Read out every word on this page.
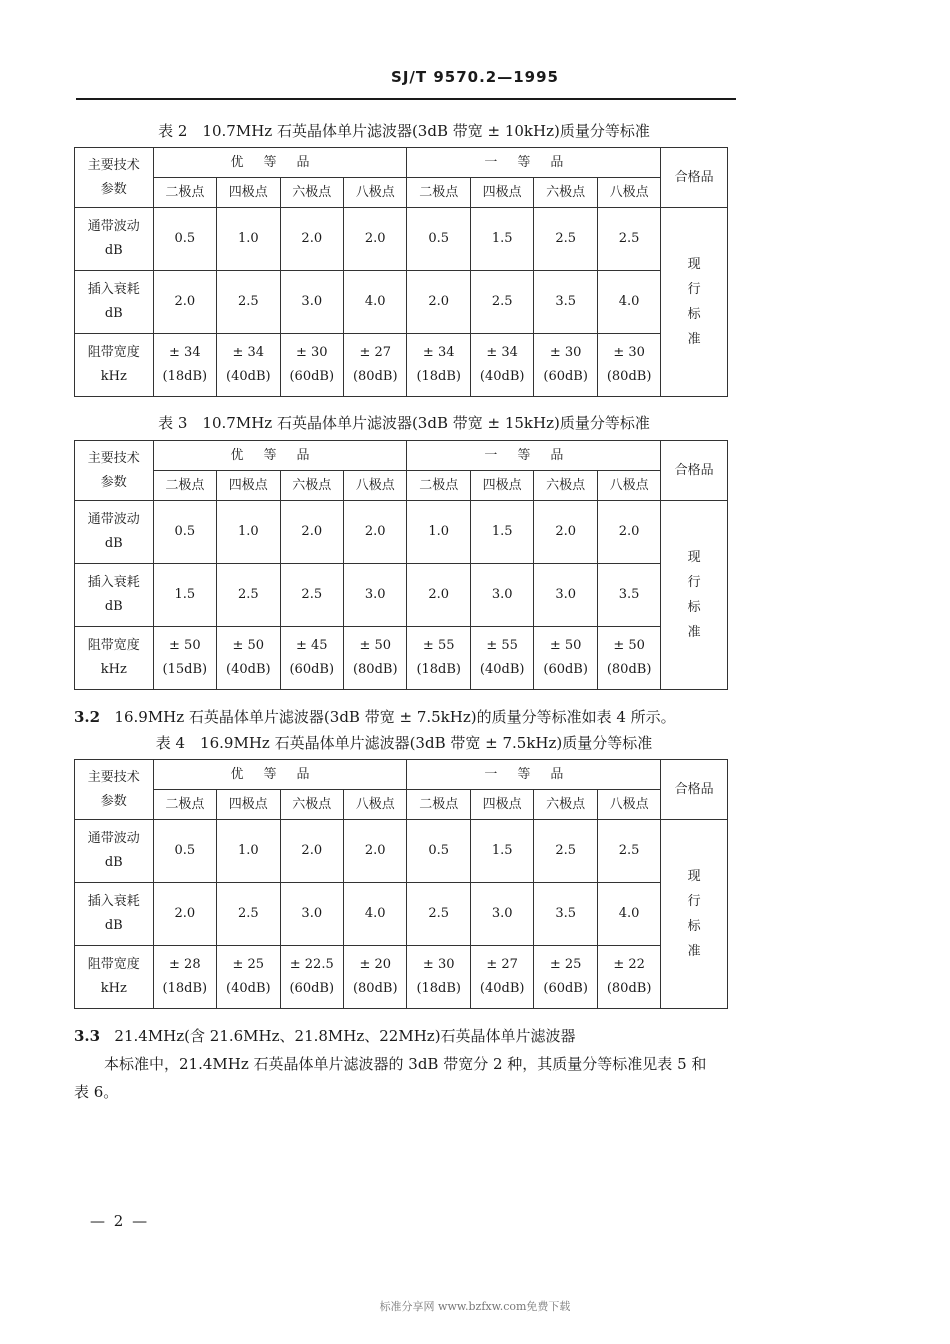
SJ/T 9570.2—1995
表 2　10.7MHz 石英晶体单片滤波器(3dB 带宽 ± 10kHz)质量分等标准
主要技术参数	优等品				一等品				合格品
	二极点	四极点	六极点	八极点	二极点	四极点	六极点	八极点	
通带波动 dB	0.5	1.0	2.0	2.0	0.5	1.5	2.5	2.5	现行标准
插入衰耗 dB	2.0	2.5	3.0	4.0	2.0	2.5	3.5	4.0	
阻带宽度 kHz	± 34 (18dB)	± 34 (40dB)	± 30 (60dB)	± 27 (80dB)	± 34 (18dB)	± 34 (40dB)	± 30 (60dB)	± 30 (80dB)	
表 3　10.7MHz 石英晶体单片滤波器(3dB 带宽 ± 15kHz)质量分等标准
主要技术参数	优等品				一等品				合格品
	二极点	四极点	六极点	八极点	二极点	四极点	六极点	八极点	
通带波动 dB	0.5	1.0	2.0	2.0	1.0	1.5	2.0	2.0	现行标准
插入衰耗 dB	1.5	2.5	2.5	3.0	2.0	3.0	3.0	3.5	
阻带宽度 kHz	± 50 (15dB)	± 50 (40dB)	± 45 (60dB)	± 50 (80dB)	± 55 (18dB)	± 55 (40dB)	± 50 (60dB)	± 50 (80dB)	
3.2 16.9MHz 石英晶体单片滤波器(3dB 带宽 ± 7.5kHz)的质量分等标准如表 4 所示。
表 4　16.9MHz 石英晶体单片滤波器(3dB 带宽 ± 7.5kHz)质量分等标准
主要技术参数	优等品				一等品				合格品
	二极点	四极点	六极点	八极点	二极点	四极点	六极点	八极点	
通带波动 dB	0.5	1.0	2.0	2.0	0.5	1.5	2.5	2.5	现行标准
插入衰耗 dB	2.0	2.5	3.0	4.0	2.5	3.0	3.5	4.0	
阻带宽度 kHz	± 28 (18dB)	± 25 (40dB)	± 22.5 (60dB)	± 20 (80dB)	± 30 (18dB)	± 27 (40dB)	± 25 (60dB)	± 22 (80dB)	
3.3 21.4MHz(含 21.6MHz、21.8MHz、22MHz)石英晶体单片滤波器
本标准中，21.4MHz 石英晶体单片滤波器的 3dB 带宽分 2 种，其质量分等标准见表 5 和
表 6。
— 2 —
标准分享网 www.bzfxw.com免费下载
